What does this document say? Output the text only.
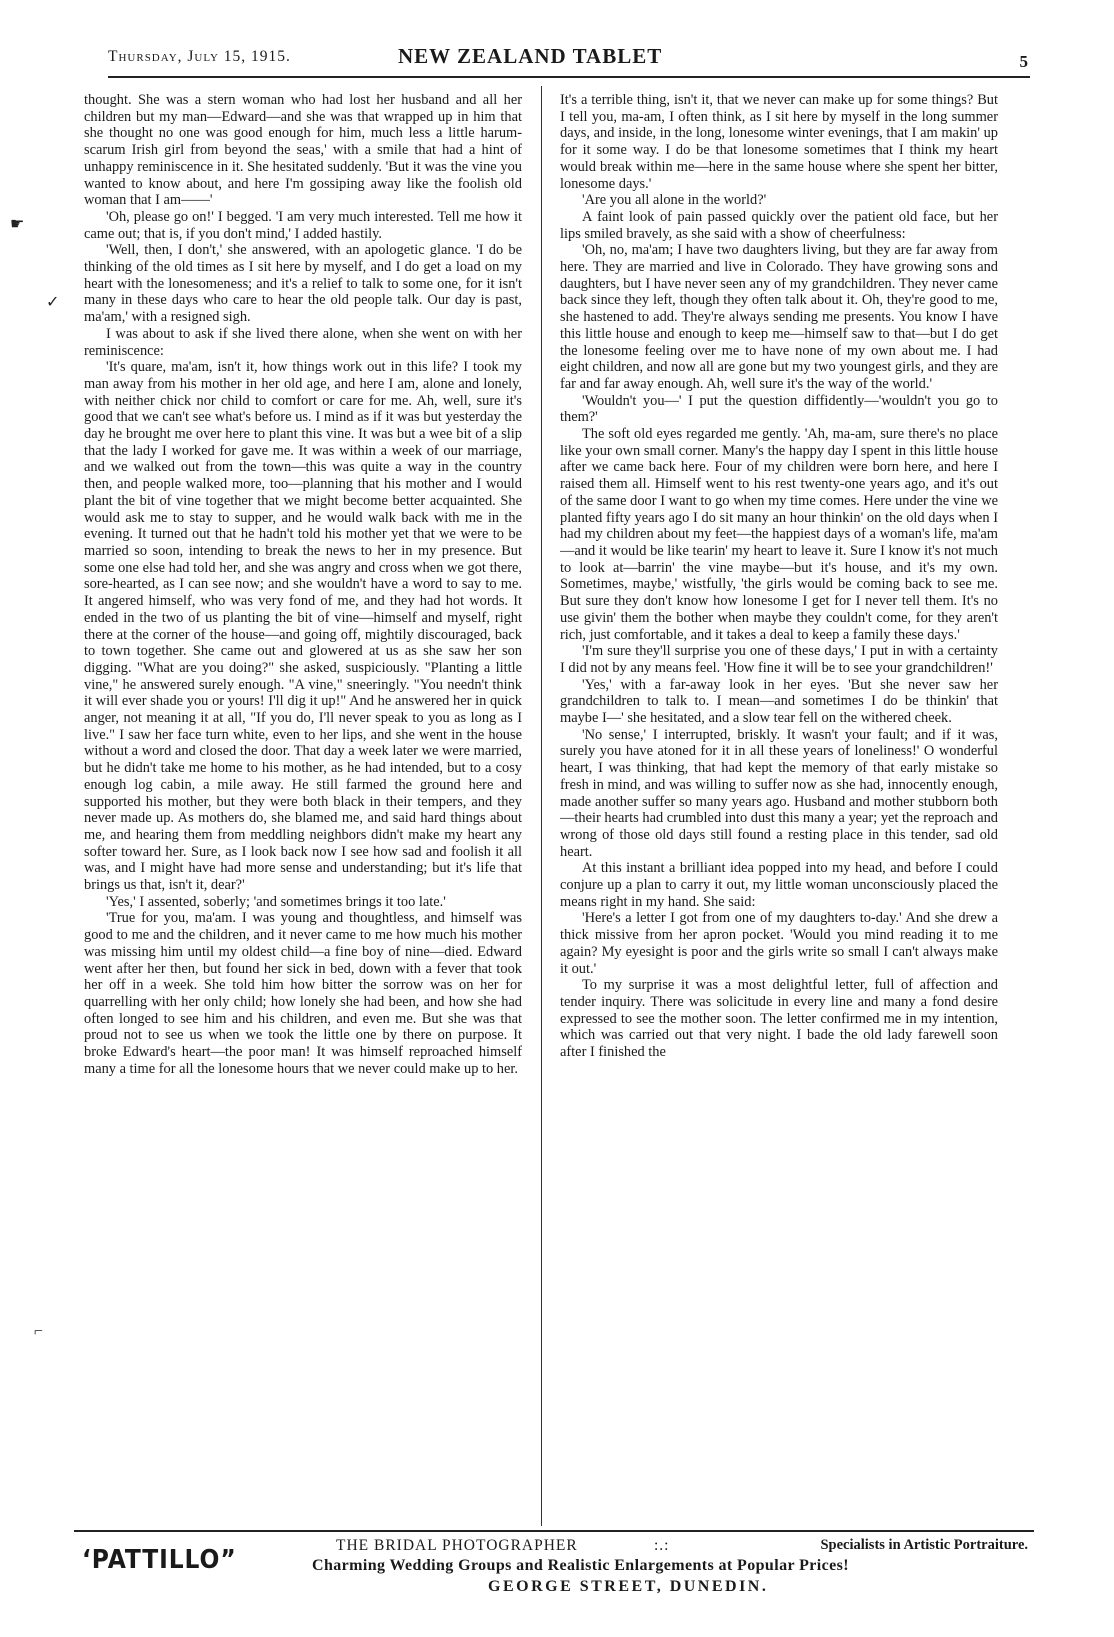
Thursday, July 15, 1915.	NEW ZEALAND TABLET	5
☛
✓
⌐

thought. She was a stern woman who had lost her husband and all her children but my man—Edward—and she was that wrapped up in him that she thought no one was good enough for him, much less a little harum-scarum Irish girl from beyond the seas,' with a smile that had a hint of unhappy reminiscence in it. She hesitated suddenly. 'But it was the vine you wanted to know about, and here I'm gossiping away like the foolish old woman that I am——'

'Oh, please go on!' I begged. 'I am very much interested. Tell me how it came out; that is, if you don't mind,' I added hastily.

'Well, then, I don't,' she answered, with an apologetic glance. 'I do be thinking of the old times as I sit here by myself, and I do get a load on my heart with the lonesomeness; and it's a relief to talk to some one, for it isn't many in these days who care to hear the old people talk. Our day is past, ma'am,' with a resigned sigh.

I was about to ask if she lived there alone, when she went on with her reminiscence:

'It's quare, ma'am, isn't it, how things work out in this life? I took my man away from his mother in her old age, and here I am, alone and lonely, with neither chick nor child to comfort or care for me. Ah, well, sure it's good that we can't see what's before us. I mind as if it was but yesterday the day he brought me over here to plant this vine. It was but a wee bit of a slip that the lady I worked for gave me. It was within a week of our marriage, and we walked out from the town—this was quite a way in the country then, and people walked more, too—planning that his mother and I would plant the bit of vine together that we might become better acquainted. She would ask me to stay to supper, and he would walk back with me in the evening. It turned out that he hadn't told his mother yet that we were to be married so soon, intending to break the news to her in my presence. But some one else had told her, and she was angry and cross when we got there, sore-hearted, as I can see now; and she wouldn't have a word to say to me. It angered himself, who was very fond of me, and they had hot words. It ended in the two of us planting the bit of vine—himself and myself, right there at the corner of the house—and going off, mightily discouraged, back to town together. She came out and glowered at us as she saw her son digging. "What are you doing?" she asked, suspiciously. "Planting a little vine," he answered surely enough. "A vine," sneeringly. "You needn't think it will ever shade you or yours! I'll dig it up!" And he answered her in quick anger, not meaning it at all, "If you do, I'll never speak to you as long as I live." I saw her face turn white, even to her lips, and she went in the house without a word and closed the door. That day a week later we were married, but he didn't take me home to his mother, as he had intended, but to a cosy enough log cabin, a mile away. He still farmed the ground here and supported his mother, but they were both black in their tempers, and they never made up. As mothers do, she blamed me, and said hard things about me, and hearing them from meddling neighbors didn't make my heart any softer toward her. Sure, as I look back now I see how sad and foolish it all was, and I might have had more sense and understanding; but it's life that brings us that, isn't it, dear?'

'Yes,' I assented, soberly; 'and sometimes brings it too late.'

'True for you, ma'am. I was young and thoughtless, and himself was good to me and the children, and it never came to me how much his mother was missing him until my oldest child—a fine boy of nine—died. Edward went after her then, but found her sick in bed, down with a fever that took her off in a week. She told him how bitter the sorrow was on her for quarrelling with her only child; how lonely she had been, and how she had often longed to see him and his children, and even me. But she was that proud not to see us when we took the little one by there on purpose. It broke Edward's heart—the poor man! It was himself reproached himself many a time for all the lonesome hours that we never could make up to her.

It's a terrible thing, isn't it, that we never can make up for some things? But I tell you, ma-am, I often think, as I sit here by myself in the long summer days, and inside, in the long, lonesome winter evenings, that I am makin' up for it some way. I do be that lonesome sometimes that I think my heart would break within me—here in the same house where she spent her bitter, lonesome days.'

'Are you all alone in the world?'

A faint look of pain passed quickly over the patient old face, but her lips smiled bravely, as she said with a show of cheerfulness:

'Oh, no, ma'am; I have two daughters living, but they are far away from here. They are married and live in Colorado. They have growing sons and daughters, but I have never seen any of my grandchildren. They never came back since they left, though they often talk about it. Oh, they're good to me, she hastened to add. They're always sending me presents. You know I have this little house and enough to keep me—himself saw to that—but I do get the lonesome feeling over me to have none of my own about me. I had eight children, and now all are gone but my two youngest girls, and they are far and far away enough. Ah, well sure it's the way of the world.'

'Wouldn't you—' I put the question diffidently—'wouldn't you go to them?'

The soft old eyes regarded me gently. 'Ah, ma-am, sure there's no place like your own small corner. Many's the happy day I spent in this little house after we came back here. Four of my children were born here, and here I raised them all. Himself went to his rest twenty-one years ago, and it's out of the same door I want to go when my time comes. Here under the vine we planted fifty years ago I do sit many an hour thinkin' on the old days when I had my children about my feet—the happiest days of a woman's life, ma'am—and it would be like tearin' my heart to leave it. Sure I know it's not much to look at—barrin' the vine maybe—but it's house, and it's my own. Sometimes, maybe,' wistfully, 'the girls would be coming back to see me. But sure they don't know how lonesome I get for I never tell them. It's no use givin' them the bother when maybe they couldn't come, for they aren't rich, just comfortable, and it takes a deal to keep a family these days.'

'I'm sure they'll surprise you one of these days,' I put in with a certainty I did not by any means feel. 'How fine it will be to see your grandchildren!'

'Yes,' with a far-away look in her eyes. 'But she never saw her grandchildren to talk to. I mean—and sometimes I do be thinkin' that maybe I—' she hesitated, and a slow tear fell on the withered cheek.

'No sense,' I interrupted, briskly. It wasn't your fault; and if it was, surely you have atoned for it in all these years of loneliness!' O wonderful heart, I was thinking, that had kept the memory of that early mistake so fresh in mind, and was willing to suffer now as she had, innocently enough, made another suffer so many years ago. Husband and mother stubborn both—their hearts had crumbled into dust this many a year; yet the reproach and wrong of those old days still found a resting place in this tender, sad old heart.

At this instant a brilliant idea popped into my head, and before I could conjure up a plan to carry it out, my little woman unconsciously placed the means right in my hand. She said:

'Here's a letter I got from one of my daughters to-day.' And she drew a thick missive from her apron pocket. 'Would you mind reading it to me again? My eyesight is poor and the girls write so small I can't always make it out.'

To my surprise it was a most delightful letter, full of affection and tender inquiry. There was solicitude in every line and many a fond desire expressed to see the mother soon. The letter confirmed me in my intention, which was carried out that very night. I bade the old lady farewell soon after I finished the

‘PATTILLO”	THE BRIDAL PHOTOGRAPHER	:.:	Specialists in Artistic Portraiture.
Charming Wedding Groups and Realistic Enlargements at Popular Prices!
GEORGE STREET, DUNEDIN.
